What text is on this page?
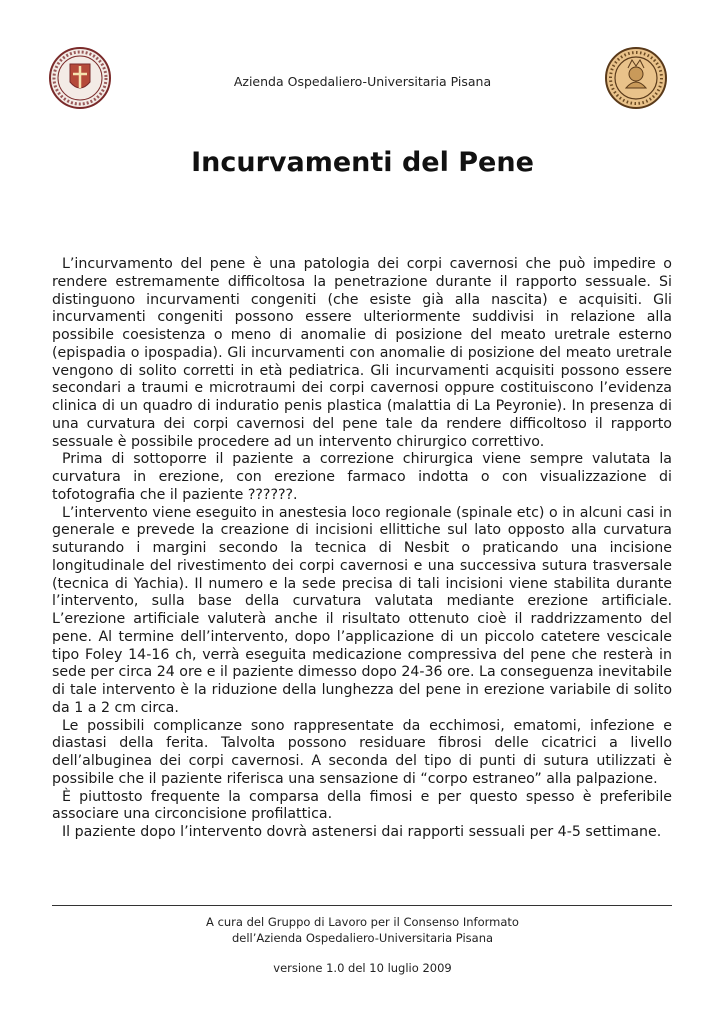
Azienda Ospedaliero-Universitaria Pisana
Incurvamenti del Pene

L’incurvamento del pene è una patologia dei corpi cavernosi che può impedire o rendere estremamente difficoltosa la penetrazione durante il rapporto sessuale. Si distinguono incurvamenti congeniti (che esiste già alla nascita) e acquisiti. Gli incurvamenti congeniti possono essere ulteriormente suddivisi in relazione alla possibile coesistenza o meno di anomalie di posizione del meato uretrale esterno (epispadia o ipospadia). Gli incurvamenti con anomalie di posizione del meato uretrale vengono di solito corretti in età pediatrica. Gli incurvamenti acquisiti possono essere secondari a traumi e microtraumi dei corpi cavernosi oppure costituiscono l’evidenza clinica di un quadro di induratio penis plastica (malattia di La Peyronie). In presenza di una curvatura dei corpi cavernosi del pene tale da rendere difficoltoso il rapporto sessuale è possibile procedere ad un intervento chirurgico correttivo.

Prima di sottoporre il paziente a correzione chirurgica viene sempre valutata la curvatura in erezione, con erezione farmaco indotta o con visualizzazione di tofotografia che il paziente ??????.

L’intervento viene eseguito in anestesia loco regionale (spinale etc) o in alcuni casi in generale e prevede la creazione di incisioni ellittiche sul lato opposto alla curvatura suturando i margini secondo la tecnica di Nesbit o praticando una incisione longitudinale del rivestimento dei corpi cavernosi e una successiva sutura trasversale (tecnica di Yachia). Il numero e la sede precisa di tali incisioni viene stabilita durante l’intervento, sulla base della curvatura valutata mediante erezione artificiale. L’erezione artificiale valuterà anche il risultato ottenuto cioè il raddrizzamento del pene. Al termine dell’intervento, dopo l’applicazione di un piccolo catetere vescicale tipo Foley 14-16 ch, verrà eseguita medicazione compressiva del pene che resterà in sede per circa 24 ore e il paziente dimesso dopo 24-36 ore. La conseguenza inevitabile di tale intervento è la riduzione della lunghezza del pene in erezione variabile di solito da 1 a 2 cm circa.

Le possibili complicanze sono rappresentate da ecchimosi, ematomi, infezione e diastasi della ferita. Talvolta possono residuare fibrosi delle cicatrici a livello dell’albuginea dei corpi cavernosi. A seconda del tipo di punti di sutura utilizzati è possibile che il paziente riferisca una sensazione di “corpo estraneo” alla palpazione.

È piuttosto frequente la comparsa della fimosi e per questo spesso è preferibile associare una circoncisione profilattica.

Il paziente dopo l’intervento dovrà astenersi dai rapporti sessuali per 4-5 settimane.

A cura del Gruppo di Lavoro per il Consenso Informato
dell’Azienda Ospedaliero-Universitaria Pisana
versione 1.0 del 10 luglio 2009
